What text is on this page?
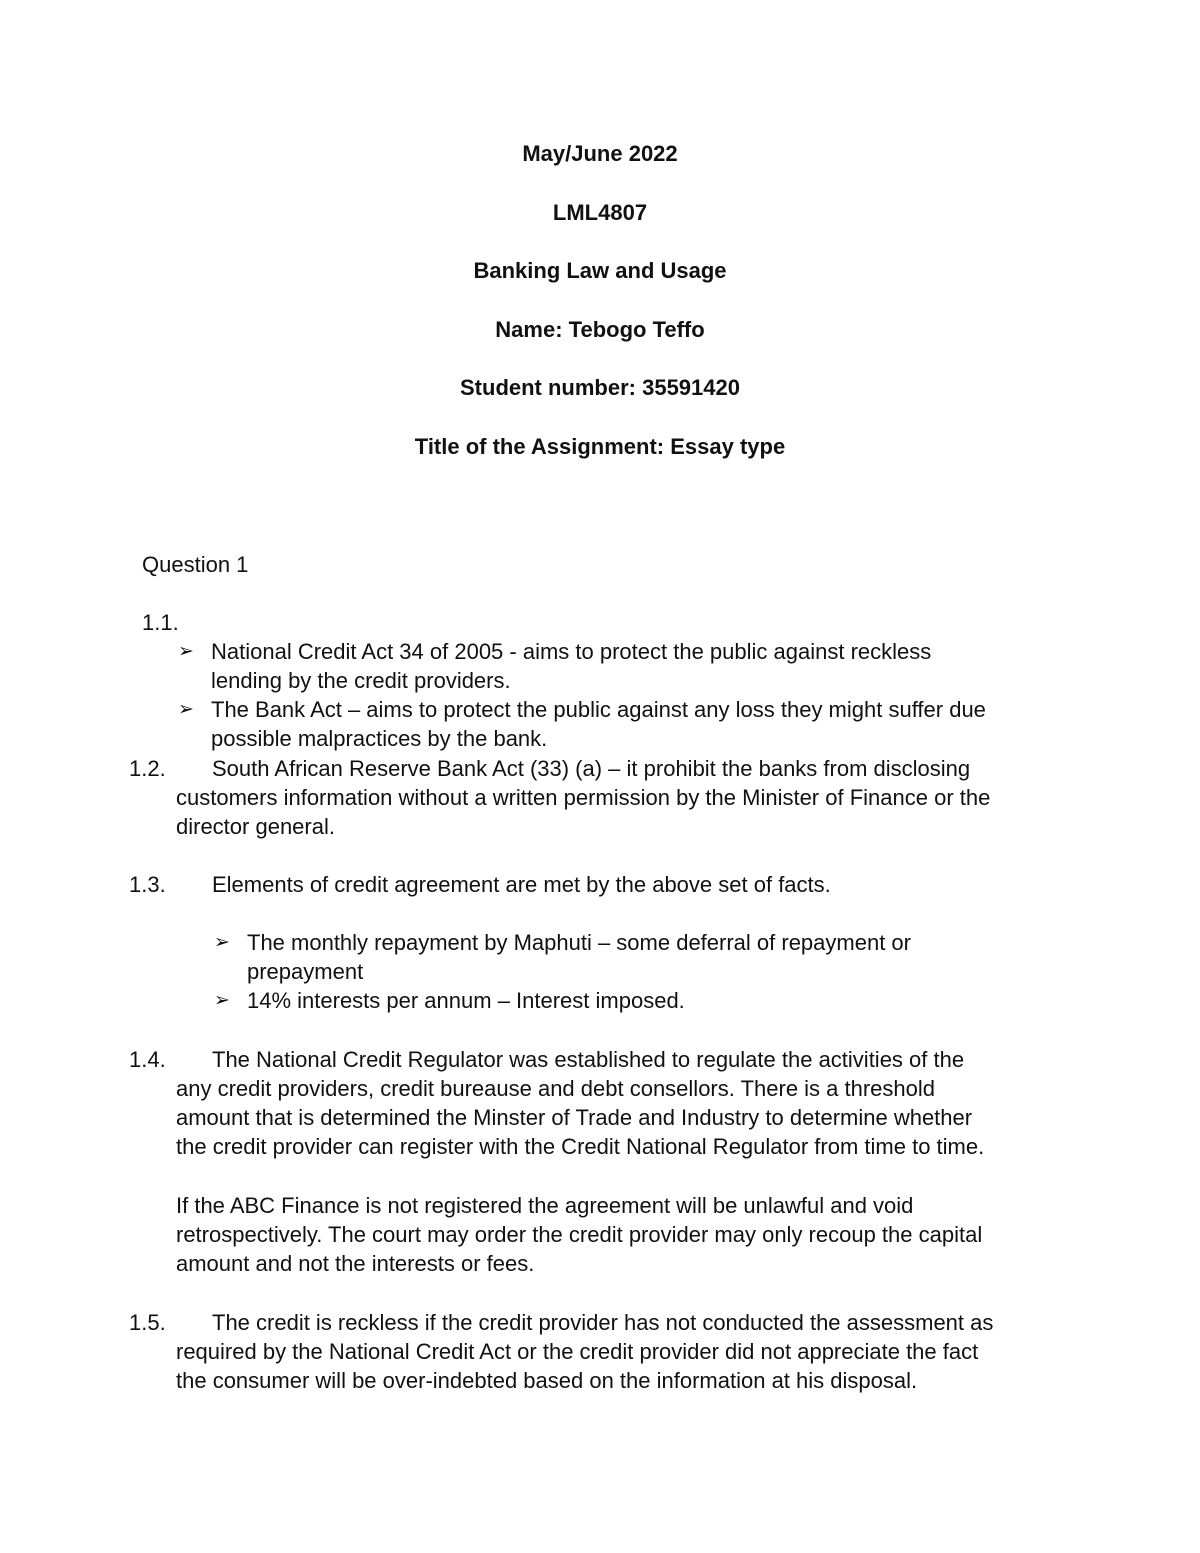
May/June 2022
LML4807
Banking Law and Usage
Name: Tebogo Teffo
Student number: 35591420
Title of the Assignment: Essay type
Question 1
1.1.
➢ National Credit Act 34 of 2005 - aims to protect the public against reckless
lending by the credit providers.
➢ The Bank Act – aims to protect the public against any loss they might suffer due
possible malpractices by the bank.
1.2. South African Reserve Bank Act (33) (a) – it prohibit the banks from disclosing
customers information without a written permission by the Minister of Finance or the
director general.
1.3. Elements of credit agreement are met by the above set of facts.
➢ The monthly repayment by Maphuti – some deferral of repayment or
prepayment
➢ 14% interests per annum – Interest imposed.
1.4. The National Credit Regulator was established to regulate the activities of the
any credit providers, credit bureause and debt consellors. There is a threshold
amount that is determined the Minster of Trade and Industry to determine whether
the credit provider can register with the Credit National Regulator from time to time.
If the ABC Finance is not registered the agreement will be unlawful and void
retrospectively. The court may order the credit provider may only recoup the capital
amount and not the interests or fees.
1.5. The credit is reckless if the credit provider has not conducted the assessment as
required by the National Credit Act or the credit provider did not appreciate the fact
the consumer will be over-indebted based on the information at his disposal.
